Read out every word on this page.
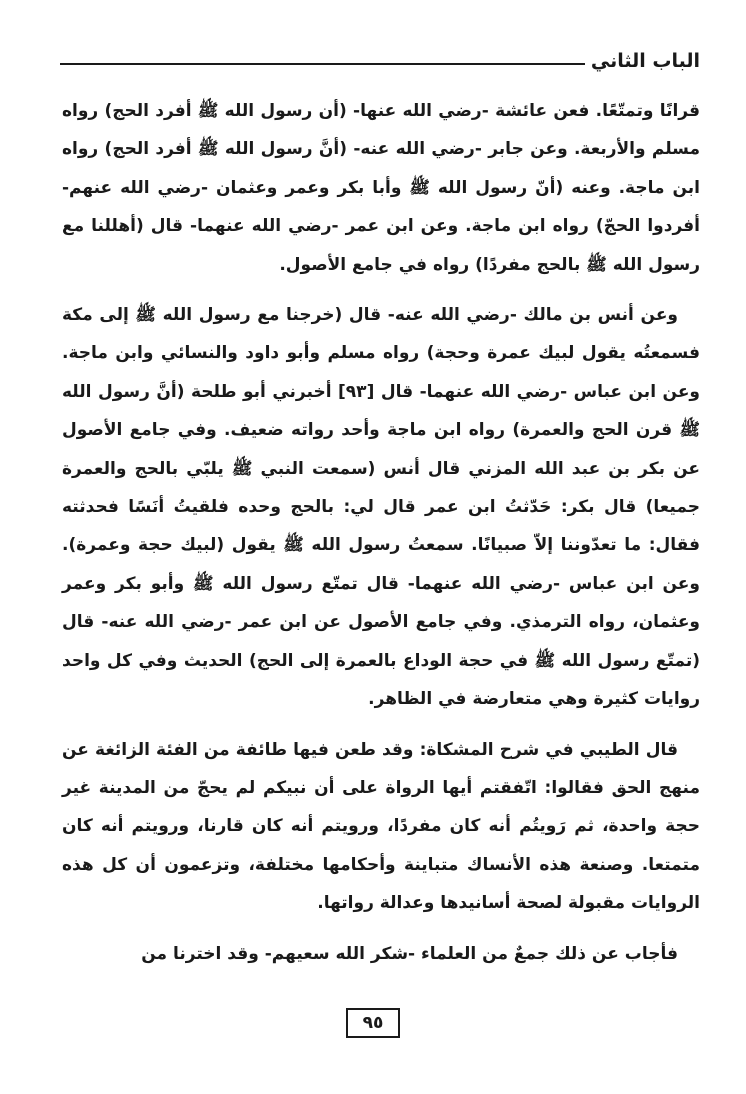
الباب الثاني

قرانًا وتمتّعًا. فعن عائشة -رضي الله عنها- (أن رسول الله ﷺ أفرد الحج) رواه مسلم والأربعة. وعن جابر -رضي الله عنه- (أنَّ رسول الله ﷺ أفرد الحج) رواه ابن ماجة. وعنه (أنّ رسول الله ﷺ وأبا بكر وعمر وعثمان -رضي الله عنهم- أفردوا الحجّ) رواه ابن ماجة. وعن ابن عمر -رضي الله عنهما- قال (أهللنا مع رسول الله ﷺ بالحج مفردًا) رواه في جامع الأصول.

وعن أنس بن مالك -رضي الله عنه- قال (خرجنا مع رسول الله ﷺ إلى مكة فسمعتُه يقول لبيك عمرة وحجة) رواه مسلم وأبو داود والنسائي وابن ماجة. وعن ابن عباس -رضي الله عنهما- قال [٩٣] أخبرني أبو طلحة (أنَّ رسول الله ﷺ قرن الحج والعمرة) رواه ابن ماجة وأحد رواته ضعيف. وفي جامع الأصول عن بكر بن عبد الله المزني قال أنس (سمعت النبي ﷺ يلبّي بالحج والعمرة جميعا) قال بكر: حَدّثتُ ابن عمر قال لي: بالحج وحده فلقيتُ أنَسًا فحدثته فقال: ما تعدّوننا إلاّ صبيانًا. سمعتُ رسول الله ﷺ يقول (لبيك حجة وعمرة). وعن ابن عباس -رضي الله عنهما- قال تمتّع رسول الله ﷺ وأبو بكر وعمر وعثمان، رواه الترمذي. وفي جامع الأصول عن ابن عمر -رضي الله عنه- قال (تمتّع رسول الله ﷺ في حجة الوداع بالعمرة إلى الحج) الحديث وفي كل واحد روايات كثيرة وهي متعارضة في الظاهر.

قال الطيبي في شرح المشكاة: وقد طعن فيها طائفة من الفئة الزائغة عن منهج الحق فقالوا: اتّفقتم أيها الرواة على أن نبيكم لم يحجّ من المدينة غير حجة واحدة، ثم رَويتُم أنه كان مفردًا، ورويتم أنه كان قارنا، ورويتم أنه كان متمتعا. وصنعة هذه الأنساك متباينة وأحكامها مختلفة، وتزعمون أن كل هذه الروايات مقبولة لصحة أسانيدها وعدالة رواتها.

فأجاب عن ذلك جمعٌ من العلماء -شكر الله سعيهم- وقد اخترنا من

٩٥
